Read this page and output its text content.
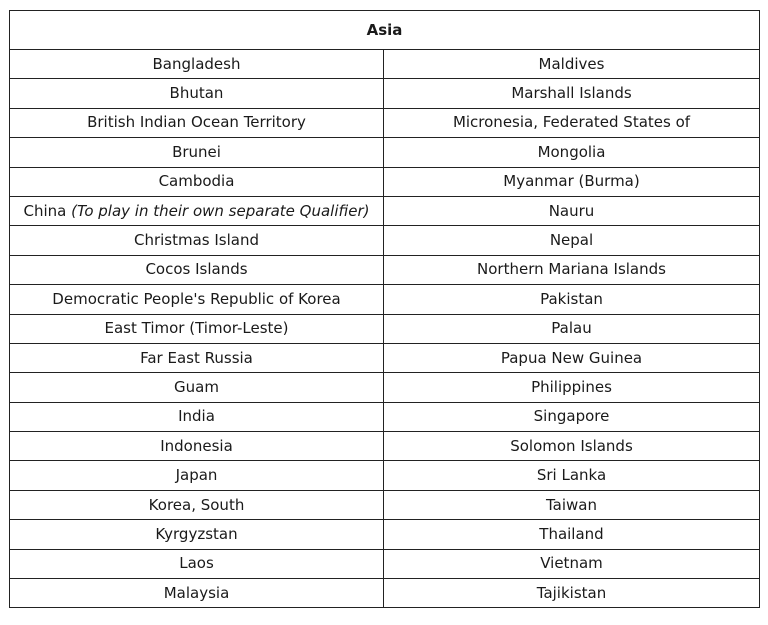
Asia	
Bangladesh	Maldives
Bhutan	Marshall Islands
British Indian Ocean Territory	Micronesia, Federated States of
Brunei	Mongolia
Cambodia	Myanmar (Burma)
China (To play in their own separate Qualifier)	Nauru
Christmas Island	Nepal
Cocos Islands	Northern Mariana Islands
Democratic People's Republic of Korea	Pakistan
East Timor (Timor-Leste)	Palau
Far East Russia	Papua New Guinea
Guam	Philippines
India	Singapore
Indonesia	Solomon Islands
Japan	Sri Lanka
Korea, South	Taiwan
Kyrgyzstan	Thailand
Laos	Vietnam
Malaysia	Tajikistan
